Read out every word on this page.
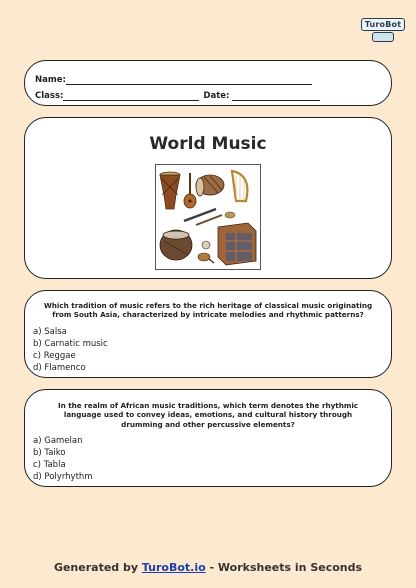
TuroBot
Name:
Class:	Date:
World Music
Which tradition of music refers to the rich heritage of classical music originating from South Asia, characterized by intricate melodies and rhythmic patterns?
a) Salsa
b) Carnatic music
c) Reggae
d) Flamenco
In the realm of African music traditions, which term denotes the rhythmic language used to convey ideas, emotions, and cultural history through drumming and other percussive elements?
a) Gamelan
b) Taiko
c) Tabla
d) Polyrhythm
Generated by TuroBot.io - Worksheets in Seconds
